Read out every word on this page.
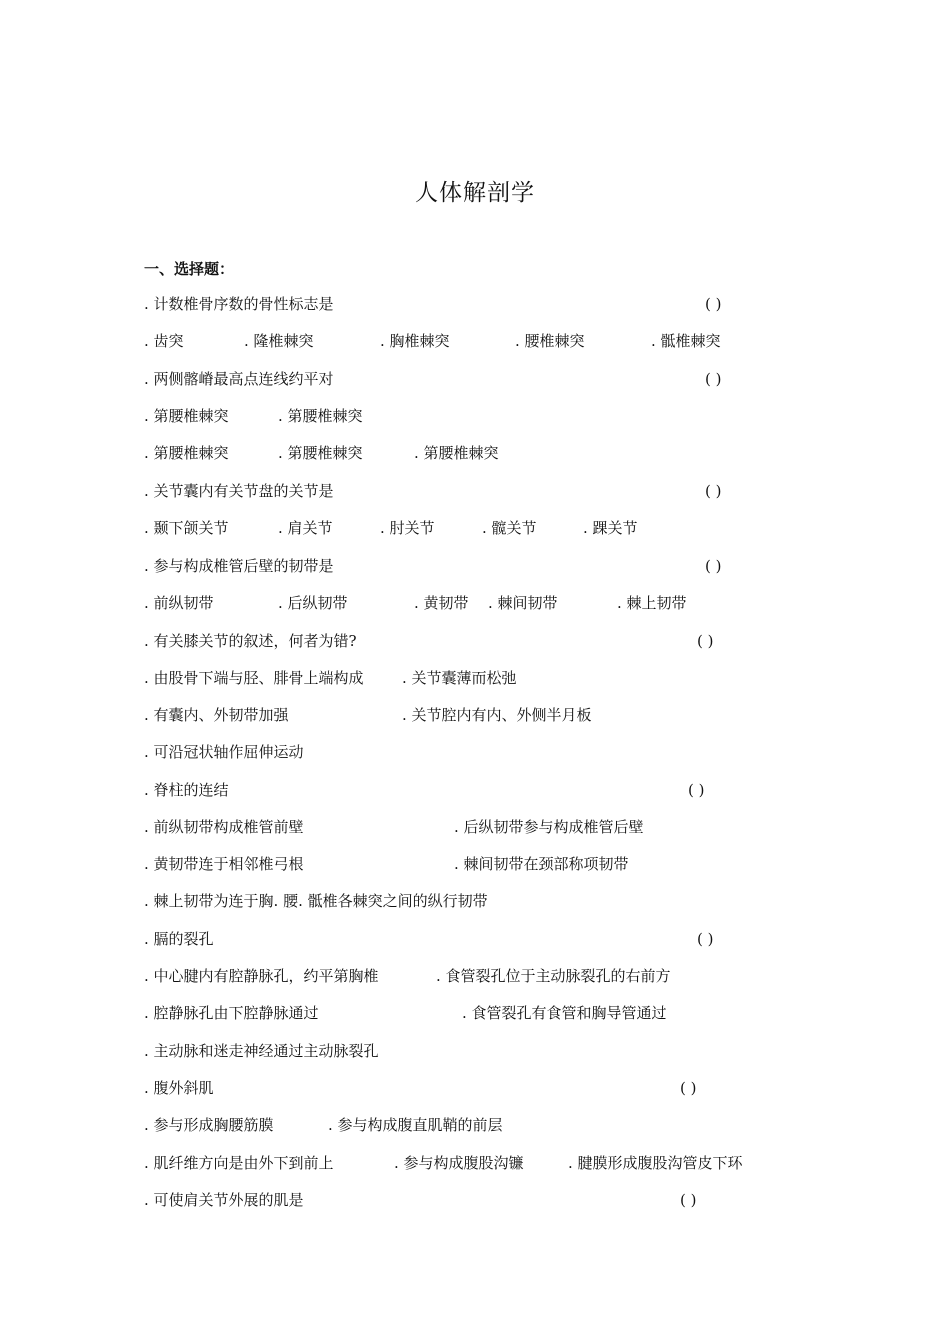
人体解剖学
一、选择题：
. 计数椎骨序数的骨性标志是	( )
. 齿突	. 隆椎棘突	. 胸椎棘突	. 腰椎棘突	. 骶椎棘突
. 两侧髂嵴最高点连线约平对	( )
. 第腰椎棘突	. 第腰椎棘突
. 第腰椎棘突	. 第腰椎棘突	. 第腰椎棘突
. 关节囊内有关节盘的关节是	( )
. 颞下颌关节	. 肩关节	. 肘关节	. 髋关节	. 踝关节
. 参与构成椎管后壁的韧带是	( )
. 前纵韧带	. 后纵韧带	. 黄韧带 . 棘间韧带	. 棘上韧带
. 有关膝关节的叙述，何者为错?	( )
. 由股骨下端与胫、腓骨上端构成	. 关节囊薄而松弛
. 有囊内、外韧带加强	. 关节腔内有内、外侧半月板
. 可沿冠状轴作屈伸运动
. 脊柱的连结	( )
. 前纵韧带构成椎管前壁	. 后纵韧带参与构成椎管后壁
. 黄韧带连于相邻椎弓根	. 棘间韧带在颈部称项韧带
. 棘上韧带为连于胸. 腰. 骶椎各棘突之间的纵行韧带
. 膈的裂孔	( )
. 中心腱内有腔静脉孔，约平第胸椎	. 食管裂孔位于主动脉裂孔的右前方
. 腔静脉孔由下腔静脉通过	. 食管裂孔有食管和胸导管通过
. 主动脉和迷走神经通过主动脉裂孔
. 腹外斜肌	( )
. 参与形成胸腰筋膜	. 参与构成腹直肌鞘的前层
. 肌纤维方向是由外下到前上	. 参与构成腹股沟镰	. 腱膜形成腹股沟管皮下环
. 可使肩关节外展的肌是	( )
